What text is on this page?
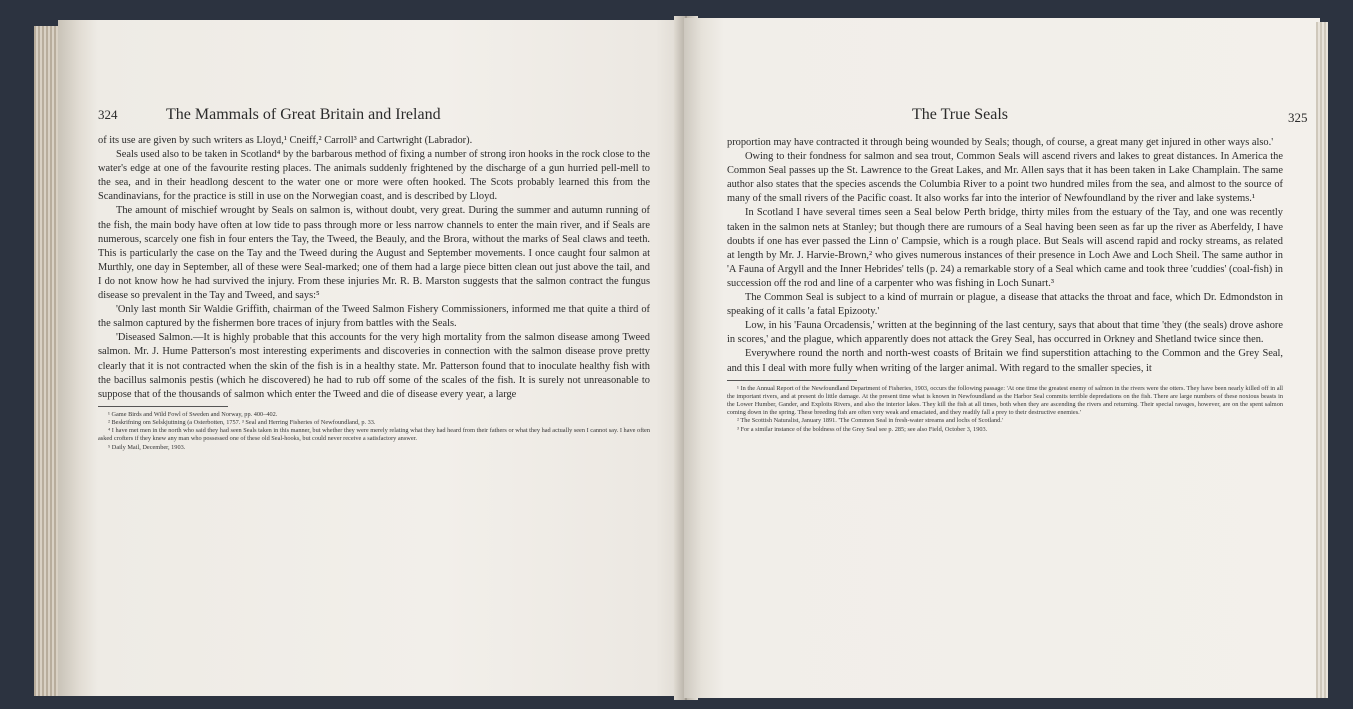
324	The Mammals of Great Britain and Ireland

of its use are given by such writers as Lloyd,¹ Cneiff,² Carroll³ and Cartwright (Labrador).

Seals used also to be taken in Scotland⁴ by the barbarous method of fixing a number of strong iron hooks in the rock close to the water's edge at one of the favourite resting places. The animals suddenly frightened by the discharge of a gun hurried pell-mell to the sea, and in their headlong descent to the water one or more were often hooked. The Scots probably learned this from the Scandinavians, for the practice is still in use on the Norwegian coast, and is described by Lloyd.

The amount of mischief wrought by Seals on salmon is, without doubt, very great. During the summer and autumn running of the fish, the main body have often at low tide to pass through more or less narrow channels to enter the main river, and if Seals are numerous, scarcely one fish in four enters the Tay, the Tweed, the Beauly, and the Brora, without the marks of Seal claws and teeth. This is particularly the case on the Tay and the Tweed during the August and September movements. I once caught four salmon at Murthly, one day in September, all of these were Seal-marked; one of them had a large piece bitten clean out just above the tail, and I do not know how he had survived the injury. From these injuries Mr. R. B. Marston suggests that the salmon contract the fungus disease so prevalent in the Tay and Tweed, and says:⁵

'Only last month Sir Waldie Griffith, chairman of the Tweed Salmon Fishery Commissioners, informed me that quite a third of the salmon captured by the fishermen bore traces of injury from battles with the Seals.

'Diseased Salmon.—It is highly probable that this accounts for the very high mortality from the salmon disease among Tweed salmon. Mr. J. Hume Patterson's most interesting experiments and discoveries in connection with the salmon disease prove pretty clearly that it is not contracted when the skin of the fish is in a healthy state. Mr. Patterson found that to inoculate healthy fish with the bacillus salmonis pestis (which he discovered) he had to rub off some of the scales of the fish. It is surely not unreasonable to suppose that of the thousands of salmon which enter the Tweed and die of disease every year, a large

¹ Game Birds and Wild Fowl of Sweden and Norway, pp. 400–402.
² Beskrifning om Selskjuttning (a Osterbotten, 1757. ³ Seal and Herring Fisheries of Newfoundland, p. 33.
⁴ I have met men in the north who said they had seen Seals taken in this manner, but whether they were merely relating what they had heard from their fathers or what they had actually seen I cannot say. I have often asked crofters if they knew any man who possessed one of these old Seal-hooks, but could never receive a satisfactory answer.
⁵ Daily Mail, December, 1903.
The True Seals	325

proportion may have contracted it through being wounded by Seals; though, of course, a great many get injured in other ways also.'

Owing to their fondness for salmon and sea trout, Common Seals will ascend rivers and lakes to great distances. In America the Common Seal passes up the St. Lawrence to the Great Lakes, and Mr. Allen says that it has been taken in Lake Champlain. The same author also states that the species ascends the Columbia River to a point two hundred miles from the sea, and almost to the source of many of the small rivers of the Pacific coast. It also works far into the interior of Newfoundland by the river and lake systems.¹

In Scotland I have several times seen a Seal below Perth bridge, thirty miles from the estuary of the Tay, and one was recently taken in the salmon nets at Stanley; but though there are rumours of a Seal having been seen as far up the river as Aberfeldy, I have doubts if one has ever passed the Linn o' Campsie, which is a rough place. But Seals will ascend rapid and rocky streams, as related at length by Mr. J. Harvie-Brown,² who gives numerous instances of their presence in Loch Awe and Loch Sheil. The same author in 'A Fauna of Argyll and the Inner Hebrides' tells (p. 24) a remarkable story of a Seal which came and took three 'cuddies' (coal-fish) in succession off the rod and line of a carpenter who was fishing in Loch Sunart.³

The Common Seal is subject to a kind of murrain or plague, a disease that attacks the throat and face, which Dr. Edmondston in speaking of it calls 'a fatal Epizooty.'

Low, in his 'Fauna Orcadensis,' written at the beginning of the last century, says that about that time 'they (the seals) drove ashore in scores,' and the plague, which apparently does not attack the Grey Seal, has occurred in Orkney and Shetland twice since then.

Everywhere round the north and north-west coasts of Britain we find superstition attaching to the Common and the Grey Seal, and this I deal with more fully when writing of the larger animal. With regard to the smaller species, it

¹ In the Annual Report of the Newfoundland Department of Fisheries, 1903, occurs the following passage: 'At one time the greatest enemy of salmon in the rivers were the otters. They have been nearly killed off in all the important rivers, and at present do little damage. At the present time what is known in Newfoundland as the Harbor Seal commits terrible depredations on the fish. There are large numbers of these noxious beasts in the Lower Humber, Gander, and Exploits Rivers, and also the interior lakes. They kill the fish at all times, both when they are ascending the rivers and returning. Their special ravages, however, are on the spent salmon coming down in the spring. These breeding fish are often very weak and emaciated, and they readily fall a prey to their destructive enemies.'
² The Scottish Naturalist, January 1891. 'The Common Seal in fresh-water streams and lochs of Scotland.'
³ For a similar instance of the boldness of the Grey Seal see p. 285; see also Field, October 3, 1903.
